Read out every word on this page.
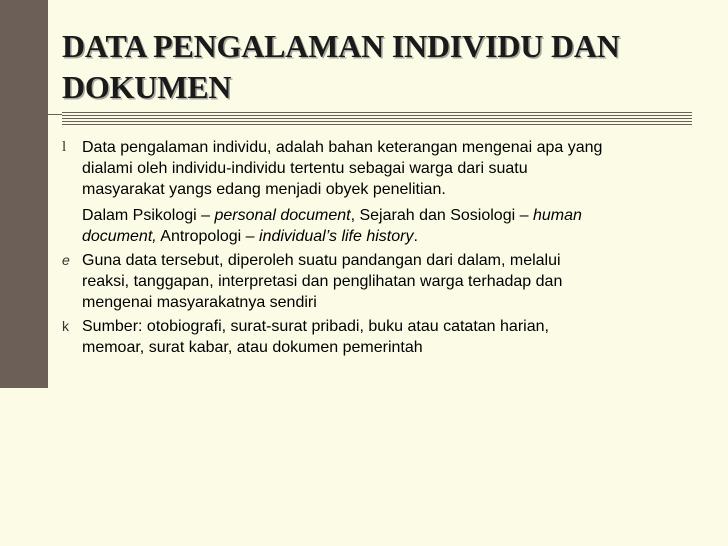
DATA PENGALAMAN INDIVIDU DAN
DOKUMEN
l Data pengalaman individu, adalah bahan keterangan mengenai apa yang
dialami oleh individu-individu tertentu sebagai warga dari suatu
masyarakat yangs edang menjadi obyek penelitian.
Dalam Psikologi – personal document, Sejarah dan Sosiologi – human
document, Antropologi – individual’s life history.
e Guna data tersebut, diperoleh suatu pandangan dari dalam, melalui
reaksi, tanggapan, interpretasi dan penglihatan warga terhadap dan
mengenai masyarakatnya sendiri
k Sumber: otobiografi, surat-surat pribadi, buku atau catatan harian,
memoar, surat kabar, atau dokumen pemerintah
